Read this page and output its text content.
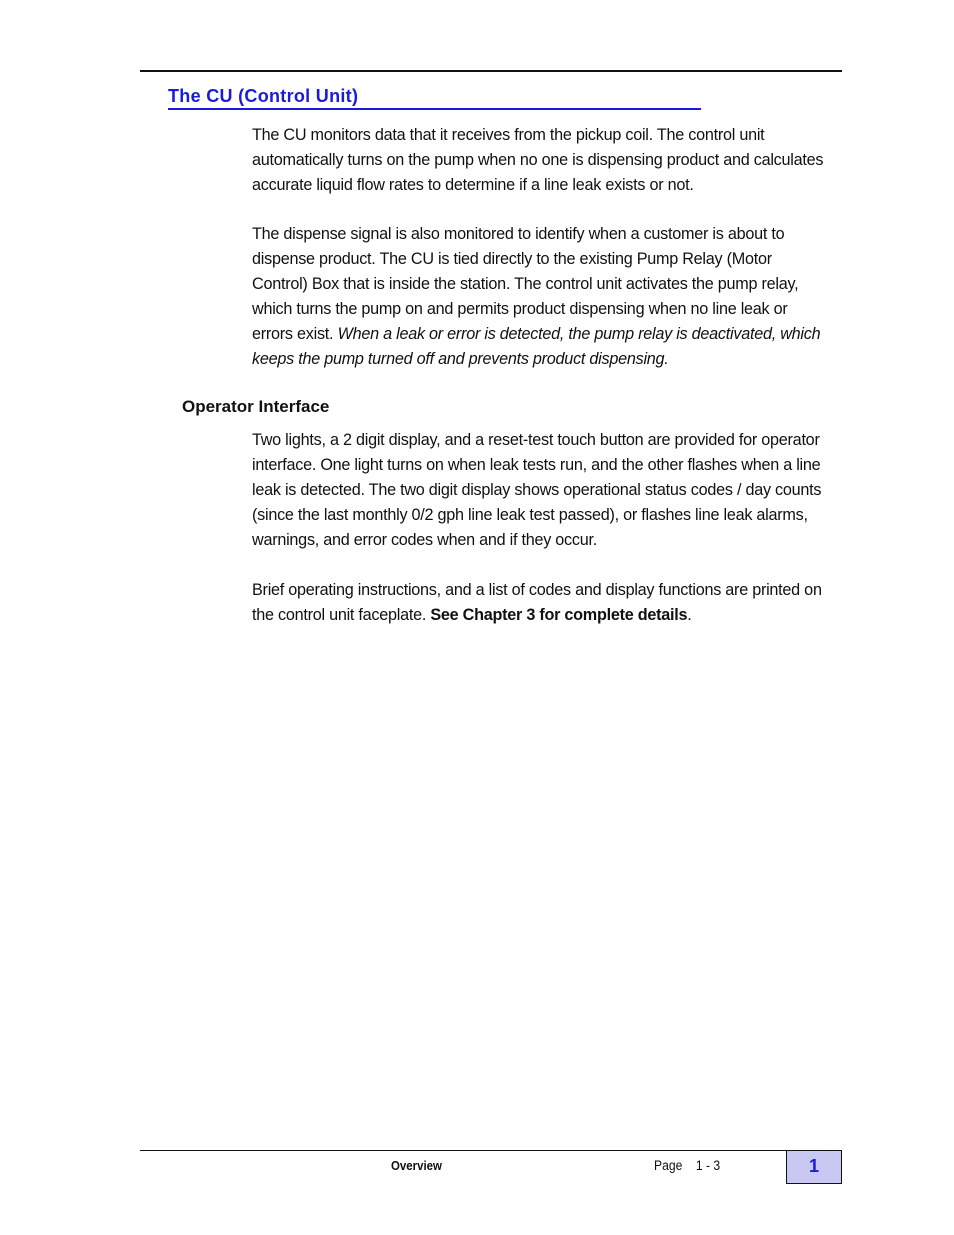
The CU (Control Unit)
The CU monitors data that it receives from the pickup coil. The control unit
automatically turns on the pump when no one is dispensing product and calculates
accurate liquid flow rates to determine if a line leak exists or not.
The dispense signal is also monitored to identify when a customer is about to
dispense product. The CU is tied directly to the existing Pump Relay (Motor
Control) Box that is inside the station. The control unit activates the pump relay,
which turns the pump on and permits product dispensing when no line leak or
errors exist. When a leak or error is detected, the pump relay is deactivated, which
keeps the pump turned off and prevents product dispensing.
Operator Interface
Two lights, a 2 digit display, and a reset-test touch button are provided for operator
interface. One light turns on when leak tests run, and the other flashes when a line
leak is detected. The two digit display shows operational status codes / day counts
(since the last monthly 0/2 gph line leak test passed), or flashes line leak alarms,
warnings, and error codes when and if they occur.
Brief operating instructions, and a list of codes and display functions are printed on
the control unit faceplate. See Chapter 3 for complete details.
Overview	Page    1 - 3	1
